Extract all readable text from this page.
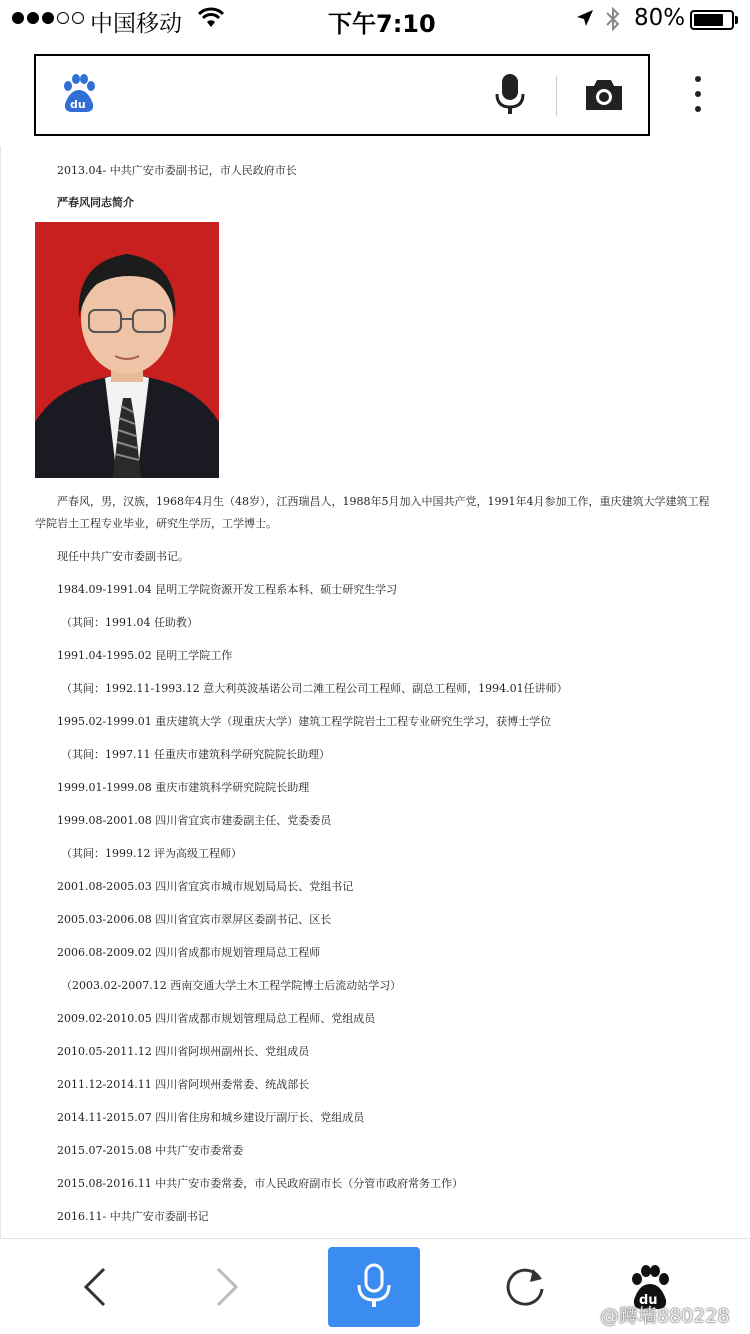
中国移动	下午7:10	80%
du
2013.04- 中共广安市委副书记，市人民政府市长
严春风同志简介
严春风，男，汉族，1968年4月生（48岁），江西瑞昌人，1988年5月加入中国共产党，1991年4月参加工作，重庆建筑大学建筑工程学院岩土工程专业毕业，研究生学历，工学博士。
现任中共广安市委副书记。
1984.09-1991.04 昆明工学院资源开发工程系本科、硕士研究生学习
（其间：1991.04 任助教）
1991.04-1995.02 昆明工学院工作
（其间：1992.11-1993.12 意大利英波基诺公司二滩工程公司工程师、副总工程师，1994.01任讲师）
1995.02-1999.01 重庆建筑大学（现重庆大学）建筑工程学院岩土工程专业研究生学习，获博士学位
（其间：1997.11 任重庆市建筑科学研究院院长助理）
1999.01-1999.08 重庆市建筑科学研究院院长助理
1999.08-2001.08 四川省宜宾市建委副主任、党委委员
（其间：1999.12 评为高级工程师）
2001.08-2005.03 四川省宜宾市城市规划局局长、党组书记
2005.03-2006.08 四川省宜宾市翠屏区委副书记、区长
2006.08-2009.02 四川省成都市规划管理局总工程师
（2003.02-2007.12 西南交通大学土木工程学院博士后流动站学习）
2009.02-2010.05 四川省成都市规划管理局总工程师、党组成员
2010.05-2011.12 四川省阿坝州副州长、党组成员
2011.12-2014.11 四川省阿坝州委常委、统战部长
2014.11-2015.07 四川省住房和城乡建设厅副厅长、党组成员
2015.07-2015.08 中共广安市委常委
2015.08-2016.11 中共广安市委常委，市人民政府副市长（分管市政府常务工作）
2016.11- 中共广安市委副书记
du
@蹲墙880228
